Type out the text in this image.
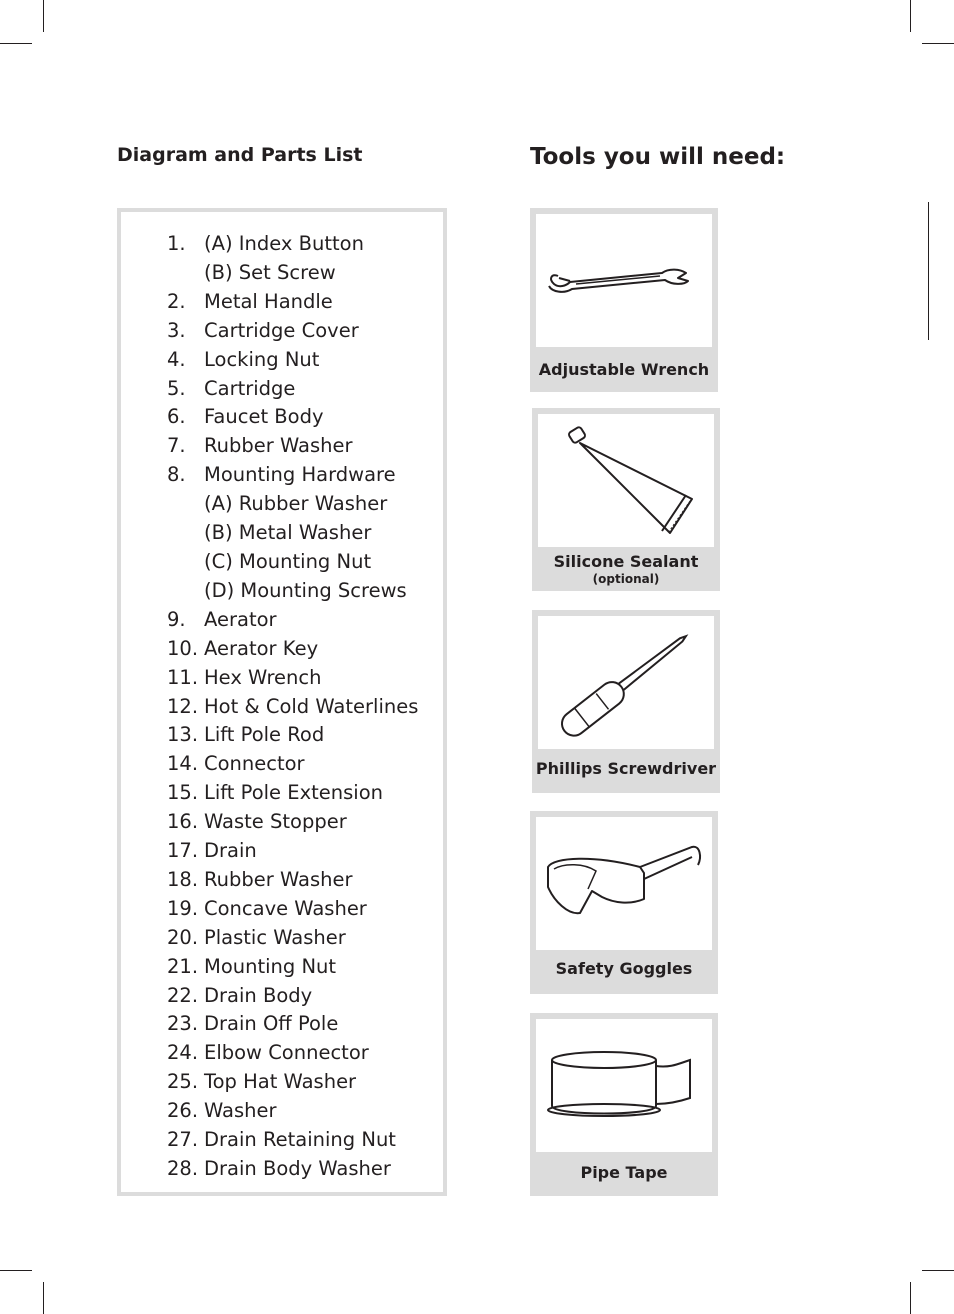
Diagram and Parts List	Tools you will need:
1. (A) Index Button
(B) Set Screw
2. Metal Handle
3. Cartridge Cover
4. Locking Nut
5. Cartridge
6. Faucet Body
7. Rubber Washer
8. Mounting Hardware
(A) Rubber Washer
(B) Metal Washer
(C) Mounting Nut
(D) Mounting Screws
9. Aerator
10. Aerator Key
11. Hex Wrench
12. Hot & Cold Waterlines
13. Lift Pole Rod
14. Connector
15. Lift Pole Extension
16. Waste Stopper
17. Drain
18. Rubber Washer
19. Concave Washer
20. Plastic Washer
21. Mounting Nut
22. Drain Body
23. Drain Off Pole
24. Elbow Connector
25. Top Hat Washer
26. Washer
27. Drain Retaining Nut
28. Drain Body Washer
Adjustable Wrench
Silicone Sealant
(optional)
Phillips Screwdriver
Safety Goggles
Pipe Tape
